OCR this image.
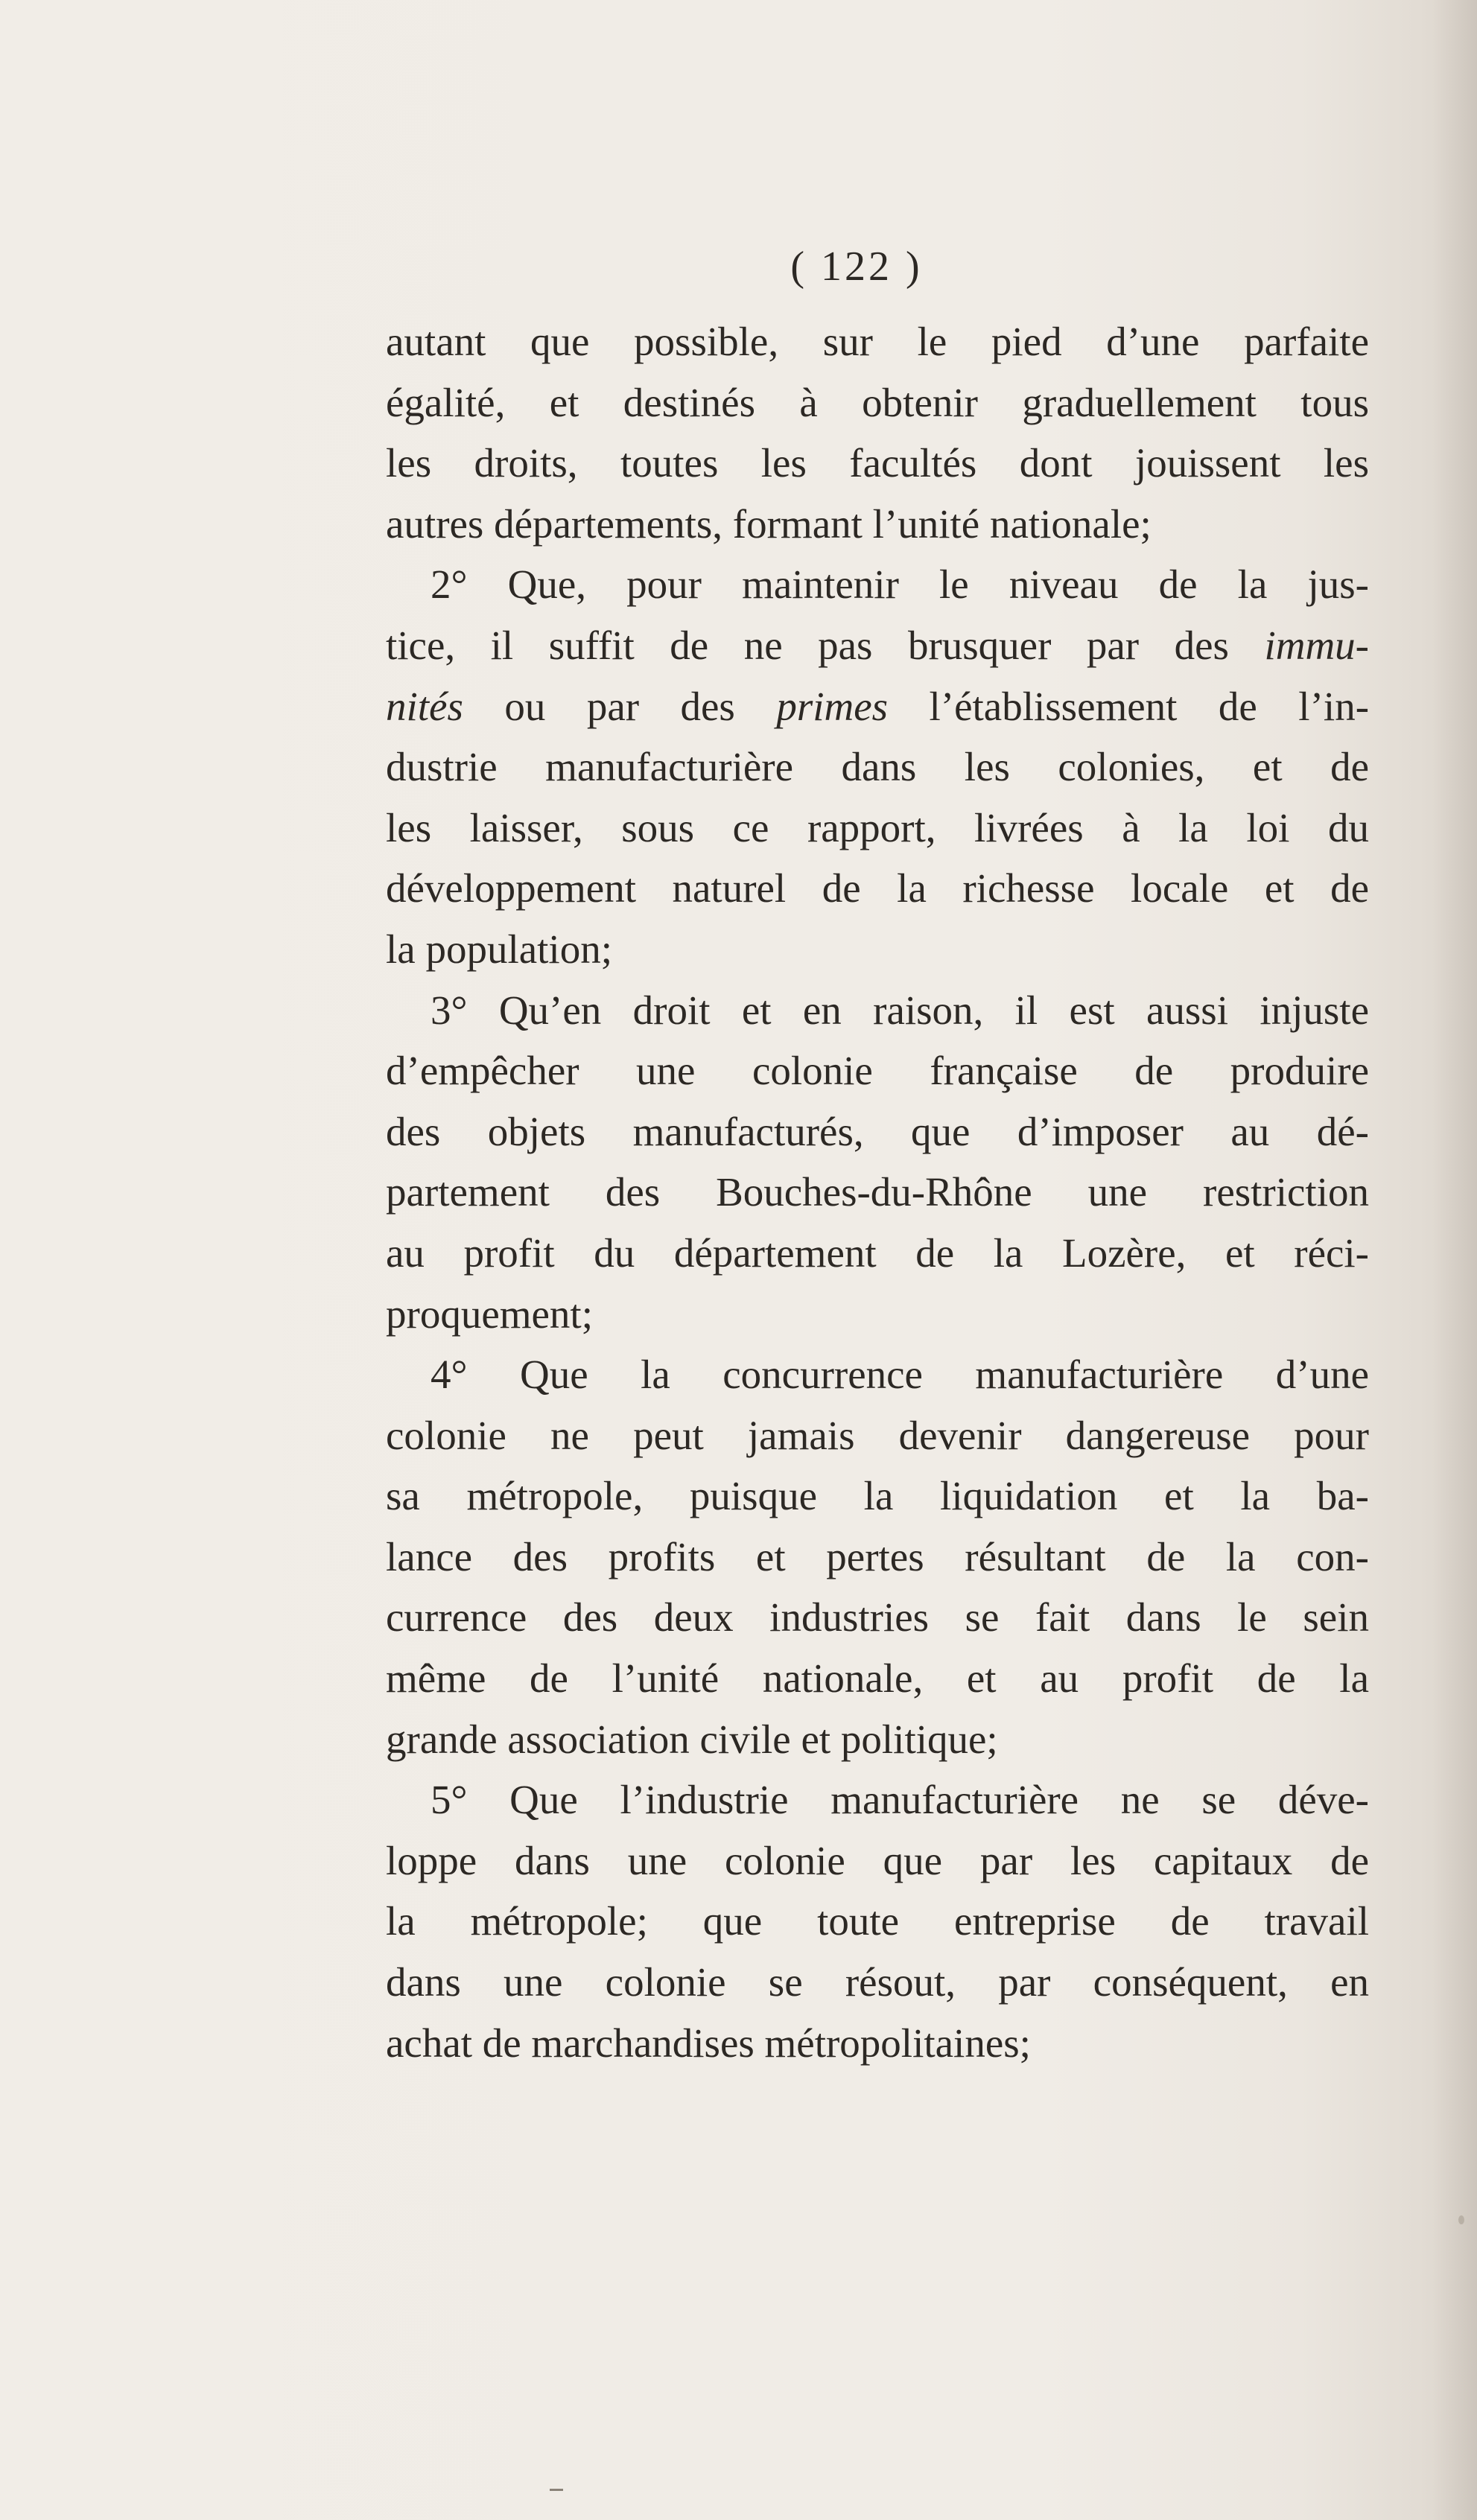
( 122 )
autant que possible, sur le pied d’une parfaite
égalité, et destinés à obtenir graduellement tous
les droits, toutes les facultés dont jouissent les
autres départements, formant l’unité nationale;
2° Que, pour maintenir le niveau de la jus-
tice, il suffit de ne pas brusquer par des immu-
nités ou par des primes l’établissement de l’in-
dustrie manufacturière dans les colonies, et de
les laisser, sous ce rapport, livrées à la loi du
développement naturel de la richesse locale et de
la population;
3° Qu’en droit et en raison, il est aussi injuste
d’empêcher une colonie française de produire
des objets manufacturés, que d’imposer au dé-
partement des Bouches-du-Rhône une restriction
au profit du département de la Lozère, et réci-
proquement;
4° Que la concurrence manufacturière d’une
colonie ne peut jamais devenir dangereuse pour
sa métropole, puisque la liquidation et la ba-
lance des profits et pertes résultant de la con-
currence des deux industries se fait dans le sein
même de l’unité nationale, et au profit de la
grande association civile et politique;
5° Que l’industrie manufacturière ne se déve-
loppe dans une colonie que par les capitaux de
la métropole; que toute entreprise de travail
dans une colonie se résout, par conséquent, en
achat de marchandises métropolitaines;
